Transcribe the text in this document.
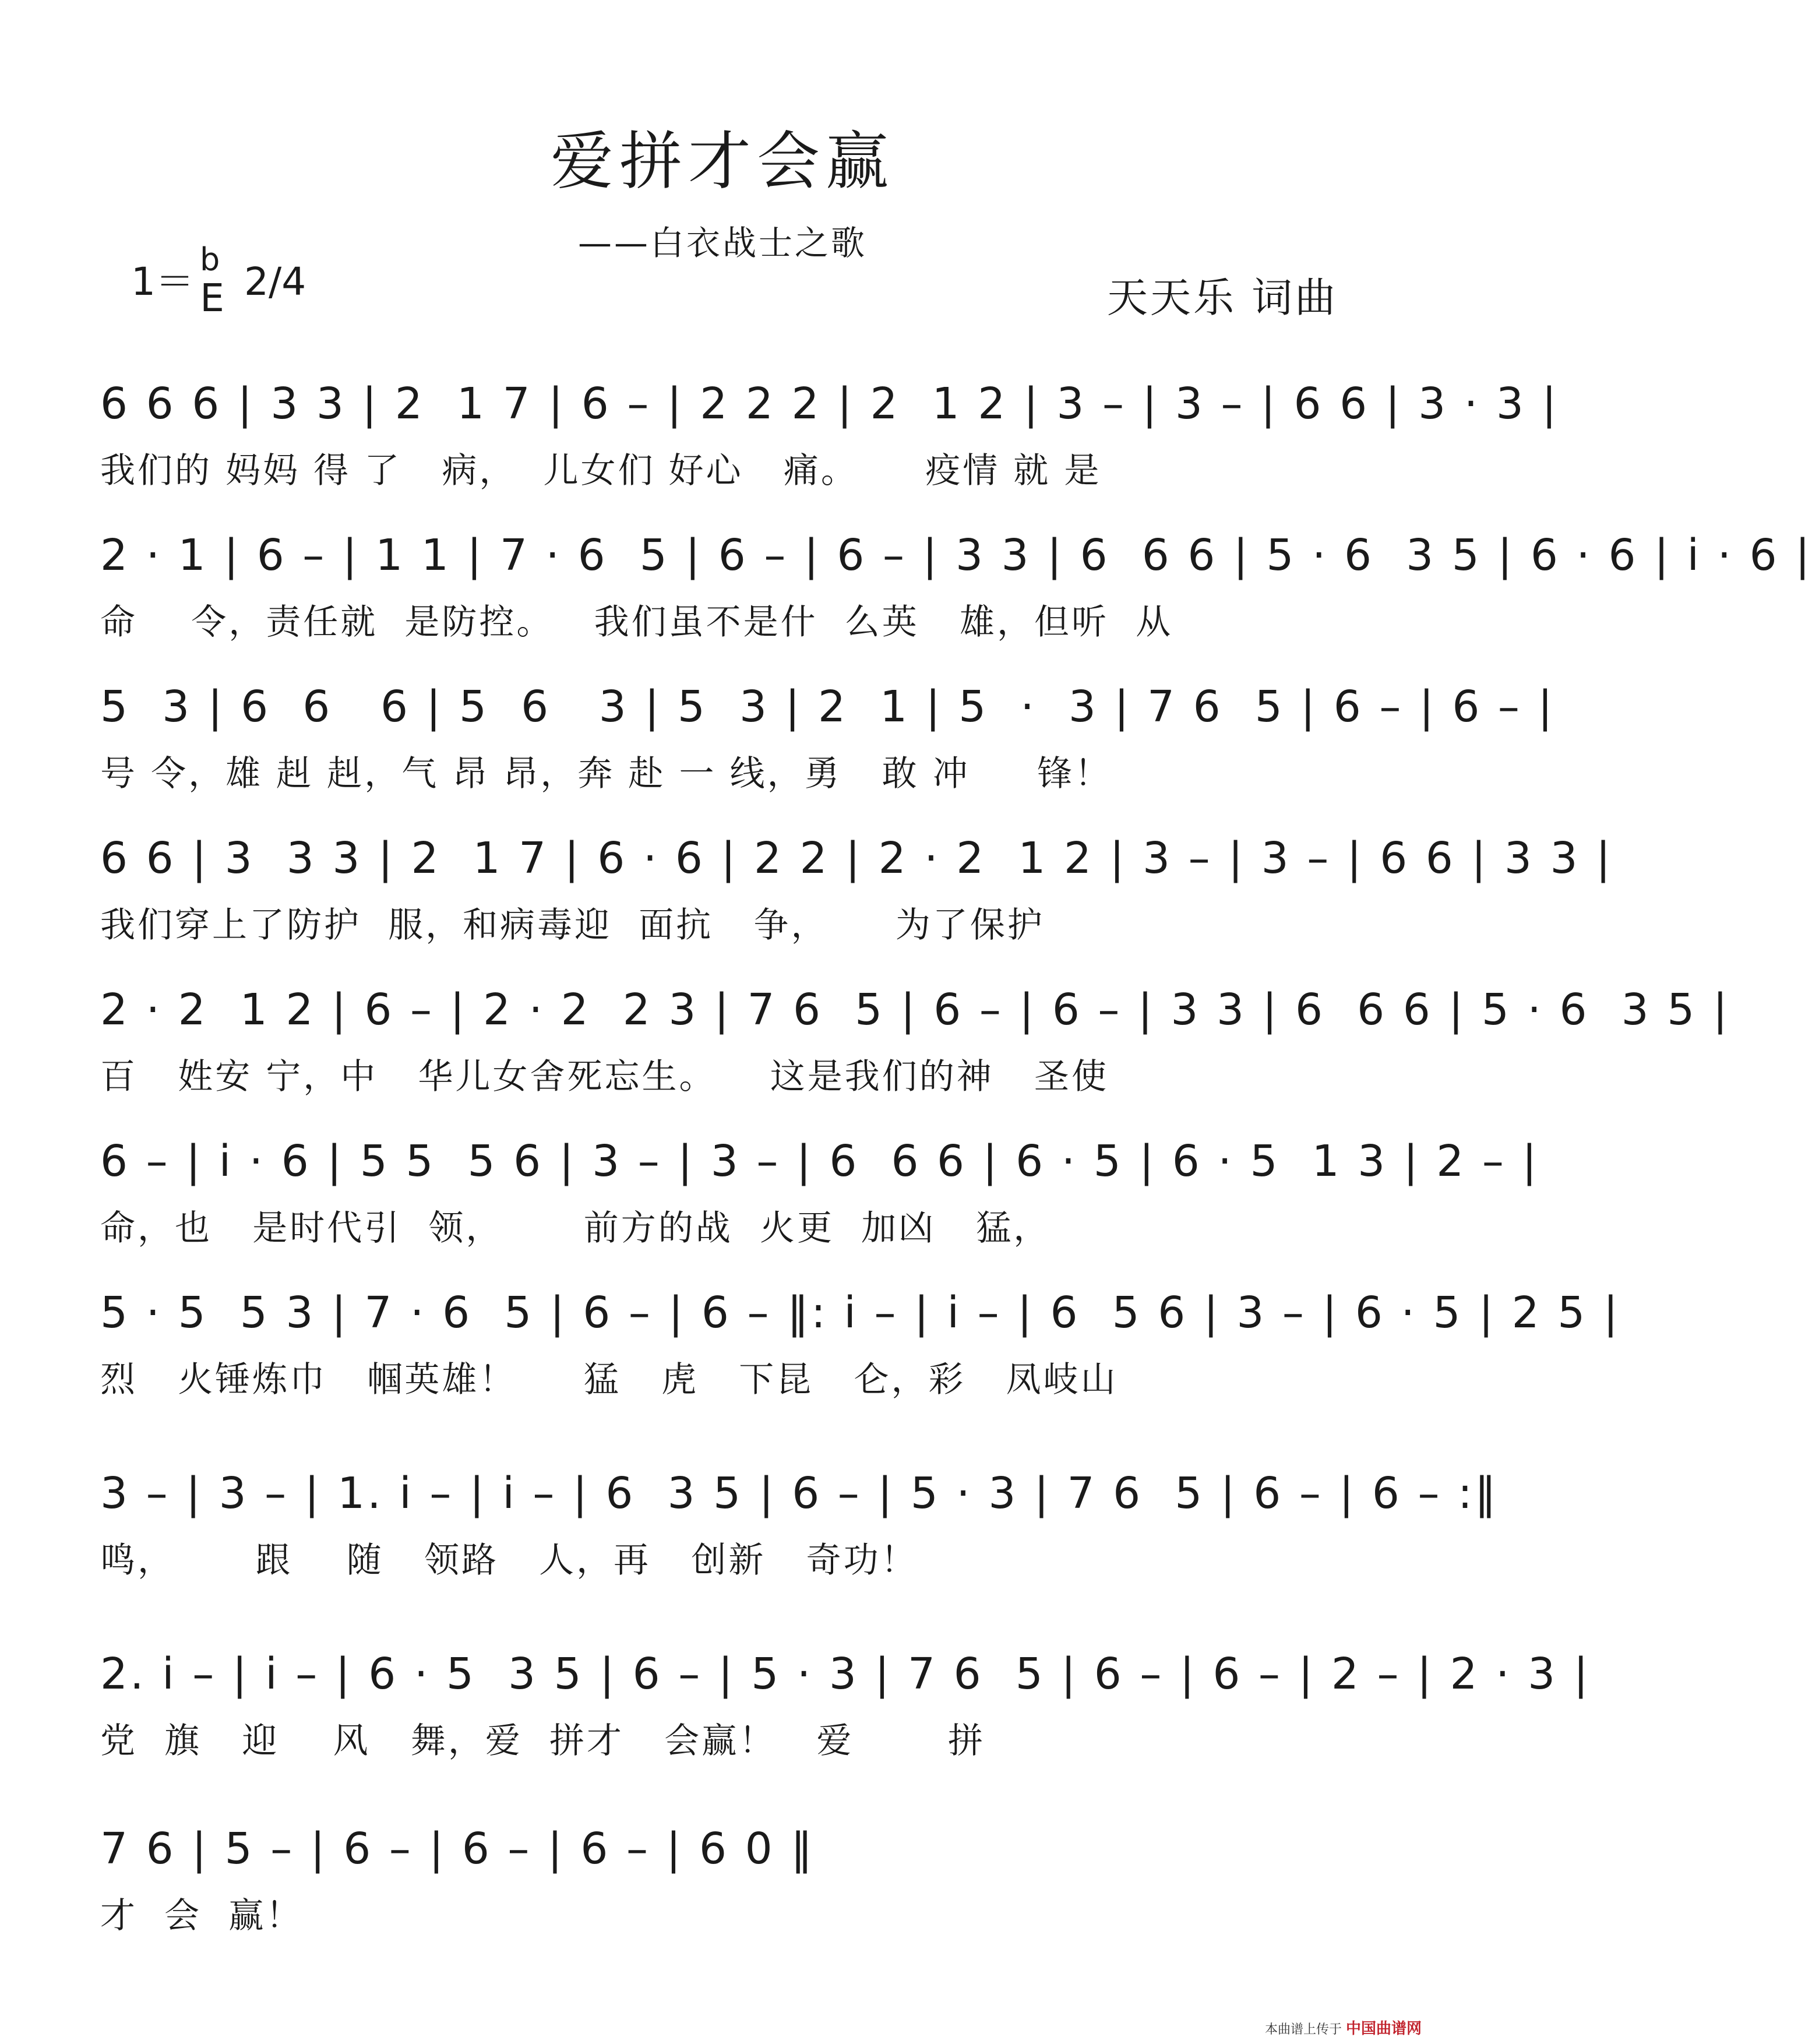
爱拼才会赢
——白衣战士之歌
1＝ $^b$E 2/4	天天乐 词曲
6 6 6 | 3 3 | 2  1 7 | 6 – | 2 2 2 | 2  1 2 | 3 – | 3 – | 6 6 | 3 · 3 |
我们的 妈妈 得 了   病，  儿女们 好心   痛。     疫情 就 是
2 · 1 | 6 – | 1 1 | 7 · 6  5 | 6 – | 6 – | 3 3 | 6  6 6 | 5 · 6  3 5 | 6 · 6 | i · 6 |
命    令，责任就  是防控。   我们虽不是什  么英   雄，但听  从
5  3 | 6  6   6 | 5  6   3 | 5  3 | 2  1 | 5  ·  3 | 7 6  5 | 6 – | 6 – |
号 令，雄 赳 赳，气 昂 昂，奔 赴 一 线，勇   敢 冲     锋！
6 6 | 3  3 3 | 2  1 7 | 6 · 6 | 2 2 | 2 · 2  1 2 | 3 – | 3 – | 6 6 | 3 3 |
我们穿上了防护  服，和病毒迎  面抗   争，     为了保护
2 · 2  1 2 | 6 – | 2 · 2  2 3 | 7 6  5 | 6 – | 6 – | 3 3 | 6  6 6 | 5 · 6  3 5 |
百   姓安 宁，中   华儿女舍死忘生。    这是我们的神   圣使
6 – | i · 6 | 5 5  5 6 | 3 – | 3 – | 6  6 6 | 6 · 5 | 6 · 5  1 3 | 2 – |
命，也   是时代引  领，      前方的战  火更  加凶   猛，
5 · 5  5 3 | 7 · 6  5 | 6 – | 6 – ‖: i – | i – | 6  5 6 | 3 – | 6 · 5 | 2 5 |
烈   火锤炼巾   帼英雄！     猛   虎   下昆   仑，彩   凤岐山
3 – | 3 – | 1. i – | i – | 6  3 5 | 6 – | 5 · 3 | 7 6  5 | 6 – | 6 – :‖
鸣，      跟    随   领路   人，再   创新   奇功！
2. i – | i – | 6 · 5  3 5 | 6 – | 5 · 3 | 7 6  5 | 6 – | 6 – | 2 – | 2 · 3 |
党  旗   迎    风   舞，爱  拼才   会赢！   爱       拼
7 6 | 5 – | 6 – | 6 – | 6 – | 6 0 ‖
才  会  赢！
本曲谱上传于 中国曲谱网
